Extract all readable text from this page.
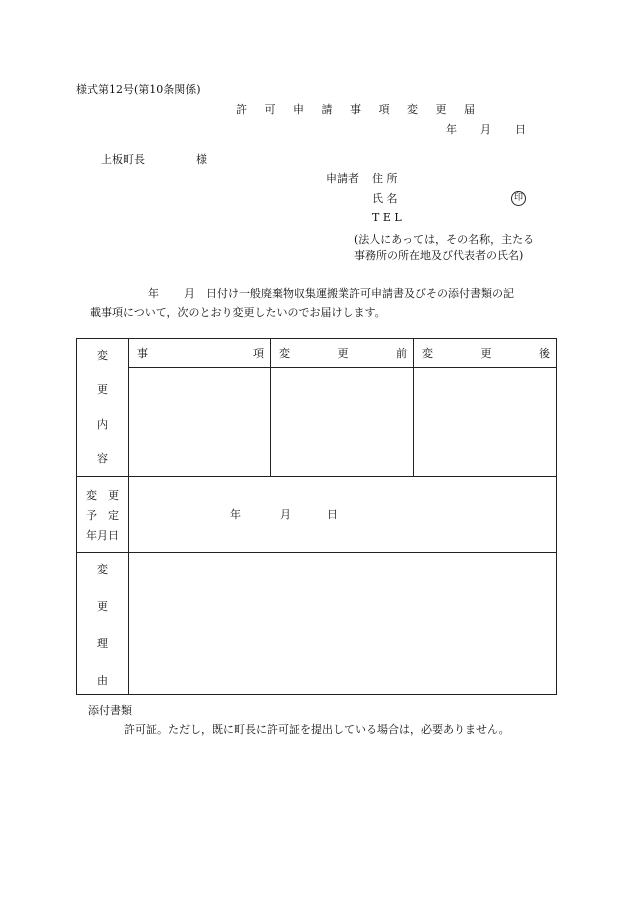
様式第12号(第10条関係)
許 可 申 請 事 項 変 更 届
年 月 日
上板町長	様
申請者 住 所
氏 名	印
T E L
(法人にあっては，その名称，主たる
事務所の所在地及び代表者の氏名)
年 月 日付け一般廃棄物収集運搬業許可申請書及びその添付書類の記
載事項について，次のとおり変更したいのでお届けします。
変
更
内
容	事 項	変 更 前	変 更 後

変　更
予　定
年月日	年 月 日		

変
更
理
由			

添付書類
許可証。ただし，既に町長に許可証を提出している場合は，必要ありません。
